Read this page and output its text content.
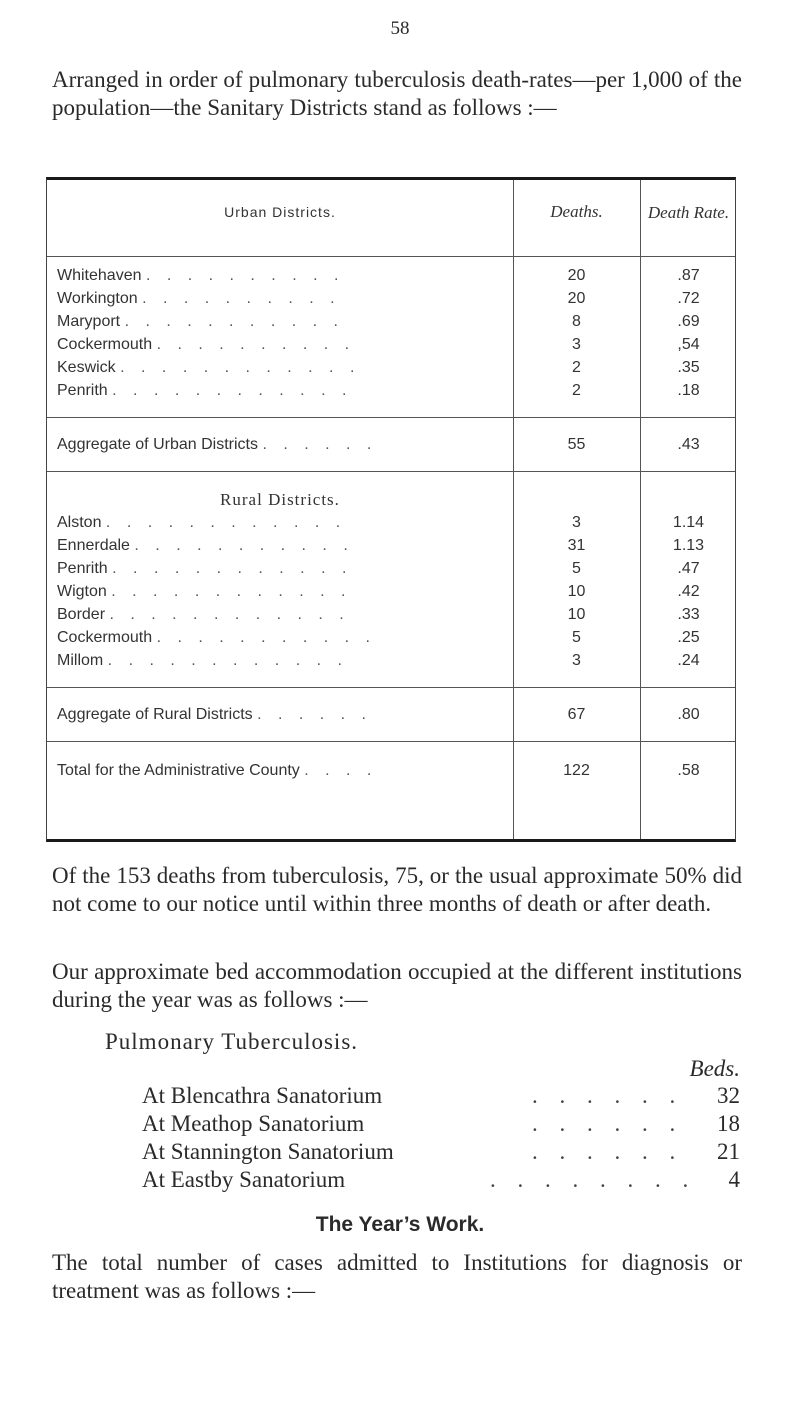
58
Arranged in order of pulmonary tuberculosis death-rates—per 1,000 of the population—the Sanitary Districts stand as follows :—
Urban Districts.	Deaths.	Death Rate.
Whitehaven . . . . . . . . . .	20	.87
Workington . . . . . . . . . .	20	.72
Maryport . . . . . . . . . . .	8	.69
Cockermouth . . . . . . . . . .	3	,54
Keswick . . . . . . . . . . . .	2	.35
Penrith . . . . . . . . . . . .	2	.18
Aggregate of Urban Districts . . . . . .	55	.43
Rural Districts.
Alston . . . . . . . . . . . .	3	1.14
Ennerdale . . . . . . . . . . .	31	1.13
Penrith . . . . . . . . . . . .	5	.47
Wigton . . . . . . . . . . . .	10	.42
Border . . . . . . . . . . . .	10	.33
Cockermouth . . . . . . . . . . .	5	.25
Millom . . . . . . . . . . . .	3	.24
Aggregate of Rural Districts . . . . . .	67	.80
Total for the Administrative County . . . .	122	.58
Of the 153 deaths from tuberculosis, 75, or the usual approximate 50% did not come to our notice until within three months of death or after death.
Our approximate bed accommodation occupied at the different institutions during the year was as follows :—
Pulmonary Tuberculosis.
Beds.
At Blencathra Sanatorium	. . . . . . 32
At Meathop Sanatorium	. . . . . . 18
At Stannington Sanatorium	. . . . . . 21
At Eastby Sanatorium	. . . . . . . . 4
The Year’s Work.
The total number of cases admitted to Institutions for diagnosis or treatment was as follows :—
